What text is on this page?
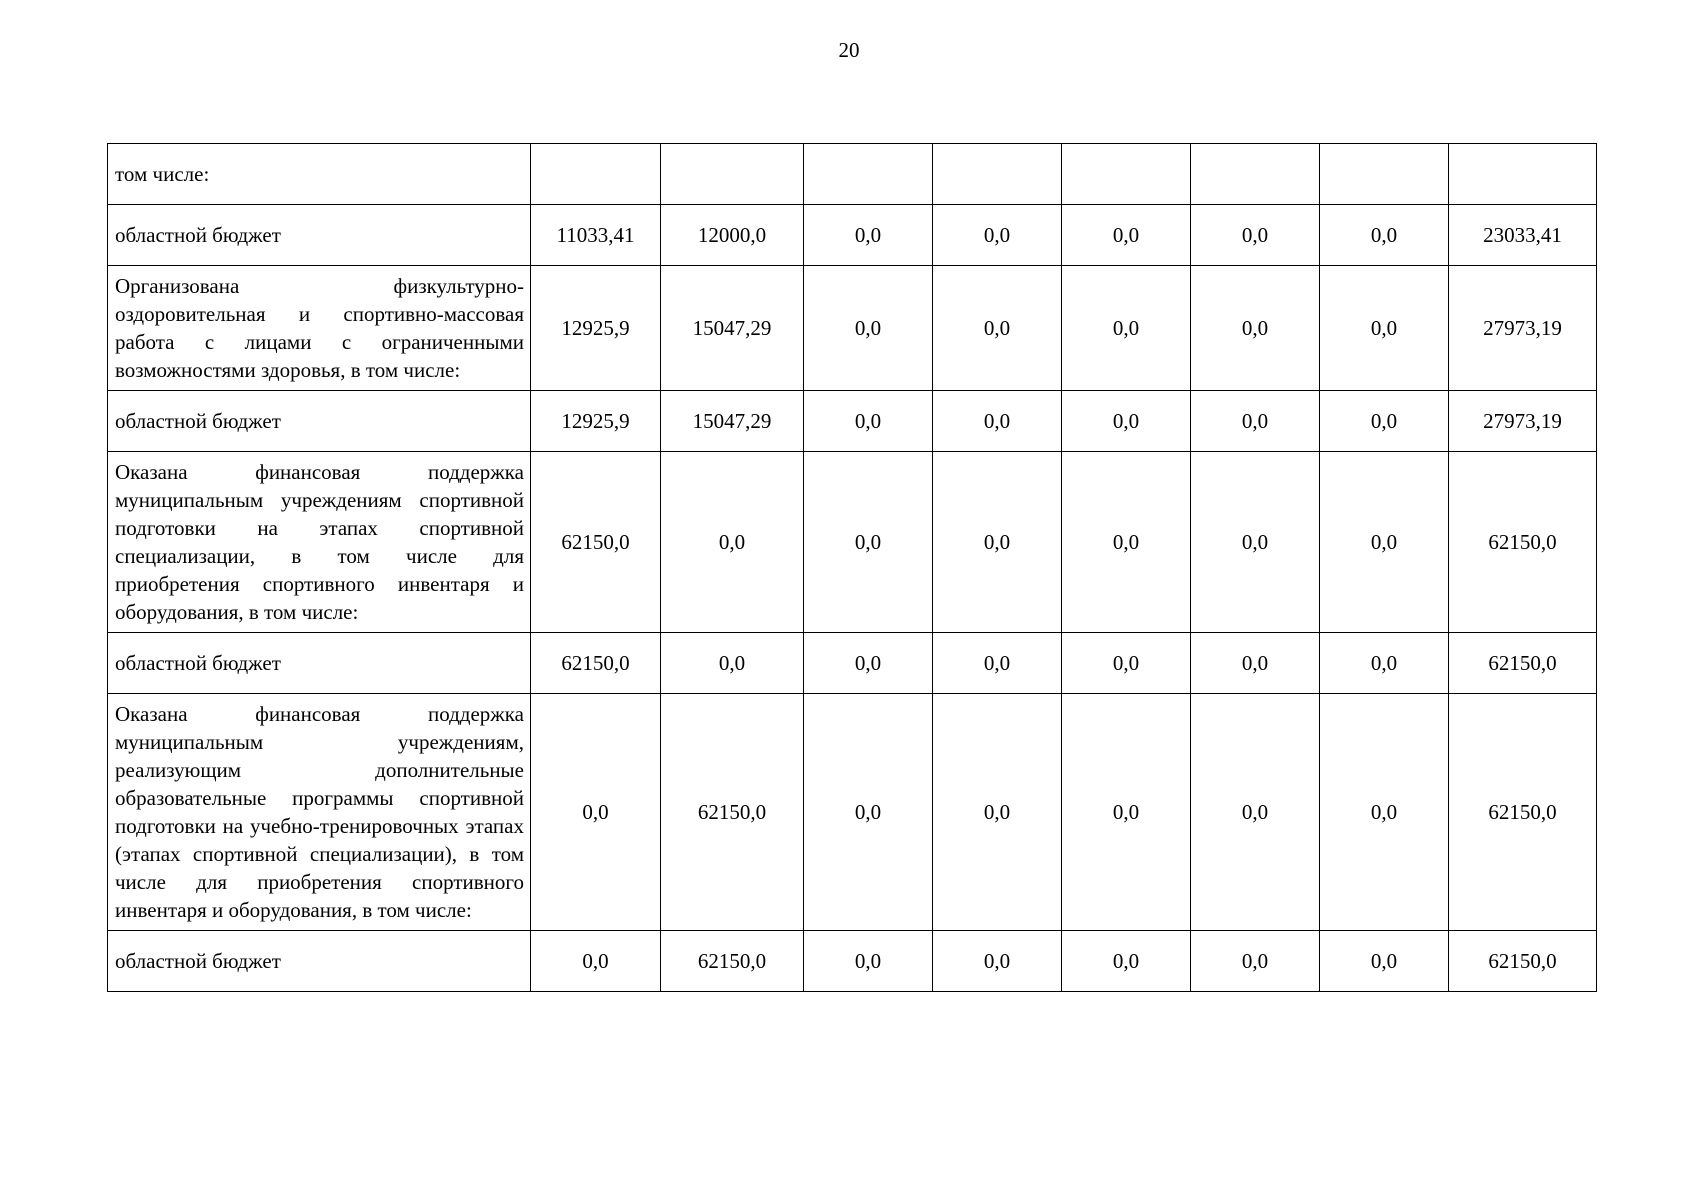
20
том числе:								
областной бюджет	11033,41	12000,0	0,0	0,0	0,0	0,0	0,0	23033,41
Организована физкультурно-оздоровительная и спортивно-массовая работа с лицами с ограниченными возможностями здоровья, в том числе:	12925,9	15047,29	0,0	0,0	0,0	0,0	0,0	27973,19
областной бюджет	12925,9	15047,29	0,0	0,0	0,0	0,0	0,0	27973,19
Оказана финансовая поддержка муниципальным учреждениям спортивной подготовки на этапах спортивной специализации, в том числе для приобретения спортивного инвентаря и оборудования, в том числе:	62150,0	0,0	0,0	0,0	0,0	0,0	0,0	62150,0
областной бюджет	62150,0	0,0	0,0	0,0	0,0	0,0	0,0	62150,0
Оказана финансовая поддержка муниципальным учреждениям, реализующим дополнительные образовательные программы спортивной подготовки на учебно-тренировочных этапах (этапах спортивной специализации), в том числе для приобретения спортивного инвентаря и оборудования, в том числе:	0,0	62150,0	0,0	0,0	0,0	0,0	0,0	62150,0
областной бюджет	0,0	62150,0	0,0	0,0	0,0	0,0	0,0	62150,0
